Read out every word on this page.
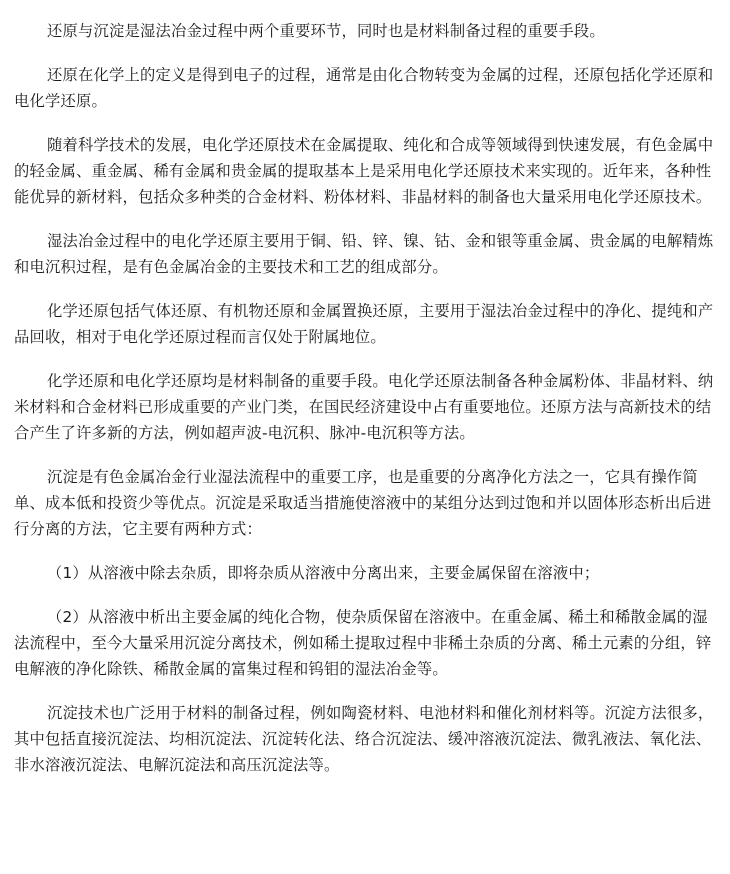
还原与沉淀是湿法冶金过程中两个重要环节，同时也是材料制备过程的重要手段。

还原在化学上的定义是得到电子的过程，通常是由化合物转变为金属的过程，还原包括化学还原和电化学还原。

随着科学技术的发展，电化学还原技术在金属提取、纯化和合成等领域得到快速发展，有色金属中的轻金属、重金属、稀有金属和贵金属的提取基本上是采用电化学还原技术来实现的。近年来，各种性能优异的新材料，包括众多种类的合金材料、粉体材料、非晶材料的制备也大量采用电化学还原技术。

湿法冶金过程中的电化学还原主要用于铜、铅、锌、镍、钴、金和银等重金属、贵金属的电解精炼和电沉积过程，是有色金属冶金的主要技术和工艺的组成部分。

化学还原包括气体还原、有机物还原和金属置换还原，主要用于湿法冶金过程中的净化、提纯和产品回收，相对于电化学还原过程而言仅处于附属地位。

化学还原和电化学还原均是材料制备的重要手段。电化学还原法制备各种金属粉体、非晶材料、纳米材料和合金材料已形成重要的产业门类，在国民经济建设中占有重要地位。还原方法与高新技术的结合产生了许多新的方法，例如超声波-电沉积、脉冲-电沉积等方法。

沉淀是有色金属冶金行业湿法流程中的重要工序，也是重要的分离净化方法之一，它具有操作简单、成本低和投资少等优点。沉淀是采取适当措施使溶液中的某组分达到过饱和并以固体形态析出后进行分离的方法，它主要有两种方式：

（1）从溶液中除去杂质，即将杂质从溶液中分离出来，主要金属保留在溶液中；

（2）从溶液中析出主要金属的纯化合物，使杂质保留在溶液中。在重金属、稀土和稀散金属的湿法流程中，至今大量采用沉淀分离技术，例如稀土提取过程中非稀土杂质的分离、稀土元素的分组，锌电解液的净化除铁、稀散金属的富集过程和钨钼的湿法冶金等。

沉淀技术也广泛用于材料的制备过程，例如陶瓷材料、电池材料和催化剂材料等。沉淀方法很多，其中包括直接沉淀法、均相沉淀法、沉淀转化法、络合沉淀法、缓冲溶液沉淀法、微乳液法、氧化法、非水溶液沉淀法、电解沉淀法和高压沉淀法等。
